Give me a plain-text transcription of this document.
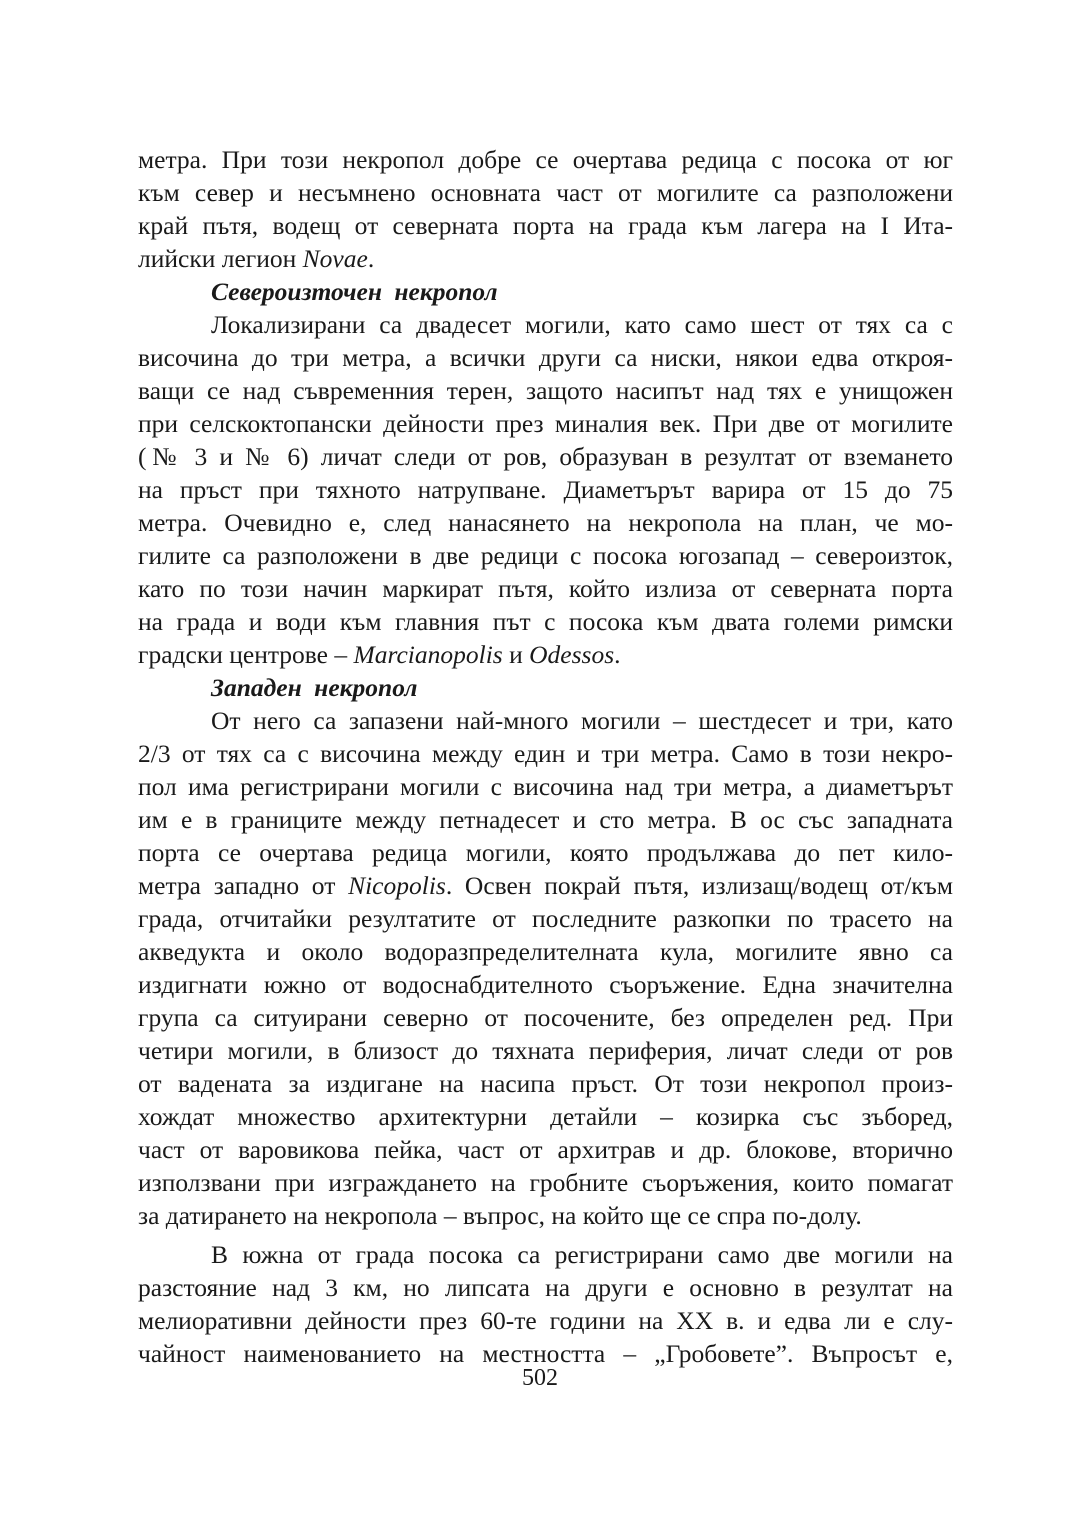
метра. При този некропол добре се очертава редица с посока от юг
към север и несъмнено основната част от могилите са разположени
край пътя, водещ от северната порта на града към лагера на I Ита-
лийски легион Novae.
Североизточен некропол
Локализирани са двадесет могили, като само шест от тях са с
височина до три метра, а всички други са ниски, някои едва откроя-
ващи се над съвременния терен, защото насипът над тях е унищожен
при селскоктопански дейности през миналия век. При две от могилите
(№ 3 и № 6) личат следи от ров, образуван в резултат от вземането
на пръст при тяхното натрупване. Диаметърът варира от 15 до 75
метра. Очевидно е, след нанасянето на некропола на план, че мо-
гилите са разположени в две редици с посока югозапад – североизток,
като по този начин маркират пътя, който излиза от северната порта
на града и води към главния път с посока към двата големи римски
градски центрове – Marcianopolis и Odessos.
Западен некропол
От него са запазени най-много могили – шестдесет и три, като
2/3 от тях са с височина между един и три метра. Само в този некро-
пол има регистрирани могили с височина над три метра, а диаметърът
им е в границите между петнадесет и сто метра. В ос със западната
порта се очертава редица могили, която продължава до пет кило-
метра западно от Nicopolis. Освен покрай пътя, излизащ/водещ от/към
града, отчитайки резултатите от последните разкопки по трасето на
акведукта и около водоразпределителната кула, могилите явно са
издигнати южно от водоснабдителното съоръжение. Една значителна
група са ситуирани северно от посочените, без определен ред. При
четири могили, в близост до тяхната периферия, личат следи от ров
от вадената за издигане на насипа пръст. От този некропол произ-
хождат множество архитектурни детайли – козирка със зъборед,
част от варовикова пейка, част от архитрав и др. блокове, вторично
използвани при изграждането на гробните съоръжения, които помагат
за датирането на некропола – въпрос, на който ще се спра по-долу.
В южна от града посока са регистрирани само две могили на
разстояние над 3 км, но липсата на други е основно в резултат на
мелиоративни дейности през 60-те години на XX в. и едва ли е слу-
чайност наименованието на местността – „Гробовете”. Въпросът е,
502
